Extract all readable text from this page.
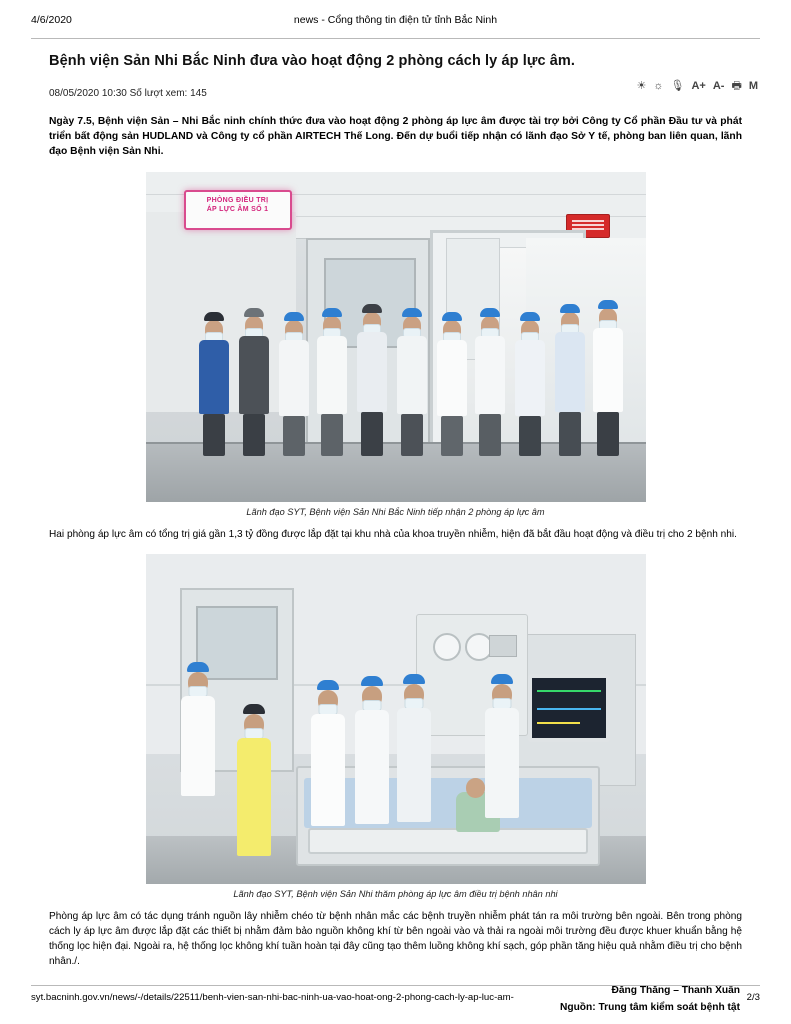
4/6/2020	news - Cổng thông tin điện tử tỉnh Bắc Ninh
Bệnh viện Sản Nhi Bắc Ninh đưa vào hoạt động 2 phòng cách ly áp lực âm.
08/05/2020 10:30 Số lượt xem: 145
☀ ☼ 🎙 A+ A- 🖶 M

Ngày 7.5, Bệnh viện Sản – Nhi Bắc ninh chính thức đưa vào hoạt động 2 phòng áp lực âm được tài trợ bởi Công ty Cổ phần Đầu tư và phát triển bất động sản HUDLAND và Công ty cổ phần AIRTECH Thế Long. Đến dự buổi tiếp nhận có lãnh đạo Sở Y tế, phòng ban liên quan, lãnh đạo Bệnh viện Sản Nhi.

PHÒNG ĐIỀU TRỊ
ÁP LỰC ÂM SỐ 1
Lãnh đạo SYT, Bệnh viện Sản Nhi Bắc Ninh tiếp nhận 2 phòng áp lực âm

Hai phòng áp lực âm có tổng trị giá gần 1,3 tỷ đồng được lắp đặt tại khu nhà của khoa truyền nhiễm, hiện đã bắt đầu hoạt động và điều trị cho 2 bệnh nhi.

Lãnh đạo SYT, Bệnh viện Sản Nhi thăm phòng áp lực âm điều trị bệnh nhân nhi

Phòng áp lực âm có tác dụng tránh nguồn lây nhiễm chéo từ bệnh nhân mắc các bệnh truyền nhiễm phát tán ra môi trường bên ngoài. Bên trong phòng cách ly áp lực âm được lắp đặt các thiết bị nhằm đảm bảo nguồn không khí từ bên ngoài vào và thải ra ngoài môi trường đều được khuer khuẩn bằng hệ thống lọc hiện đại. Ngoài ra, hệ thống lọc không khí tuần hoàn tại đây cũng tạo thêm luồng không khí sạch, góp phần tăng hiệu quả nhằm điều trị cho bệnh nhân./.

Đăng Thăng – Thanh Xuân
Nguồn: Trung tâm kiểm soát bệnh tật
syt.bacninh.gov.vn/news/-/details/22511/benh-vien-san-nhi-bac-ninh-ua-vao-hoat-ong-2-phong-cach-ly-ap-luc-am-	2/3
